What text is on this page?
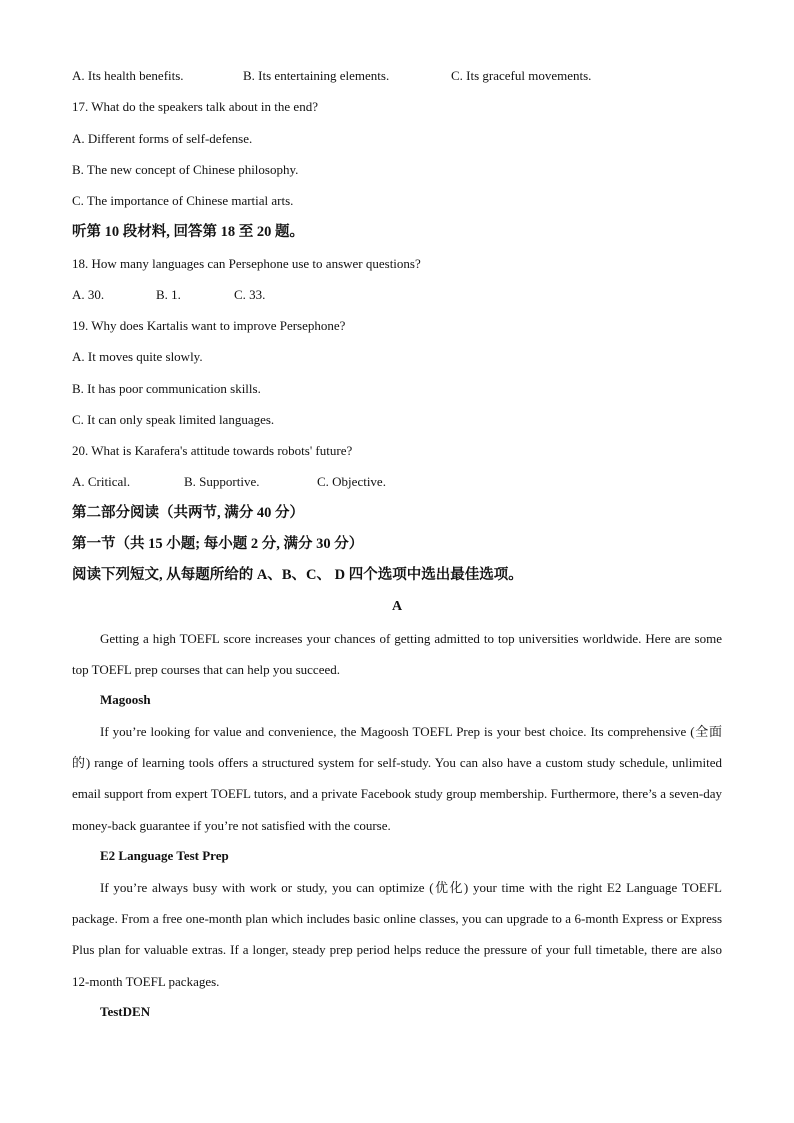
A. Its health benefits.	B. Its entertaining elements.	C. Its graceful movements.
17. What do the speakers talk about in the end?
A. Different forms of self-defense.
B. The new concept of Chinese philosophy.
C. The importance of Chinese martial arts.
听第 10 段材料, 回答第 18 至 20 题。
18. How many languages can Persephone use to answer questions?
A. 30.	B. 1.	C. 33.
19. Why does Kartalis want to improve Persephone?
A. It moves quite slowly.
B. It has poor communication skills.
C. It can only speak limited languages.
20. What is Karafera's attitude towards robots' future?
A. Critical.	B. Supportive.	C. Objective.
第二部分阅读（共两节, 满分 40 分）
第一节（共 15 小题; 每小题 2 分, 满分 30 分）
阅读下列短文, 从每题所给的 A、B、C、 D 四个选项中选出最佳选项。
A
Getting a high TOEFL score increases your chances of getting admitted to top universities worldwide. Here are some top TOEFL prep courses that can help you succeed.
Magoosh
If you’re looking for value and convenience, the Magoosh TOEFL Prep is your best choice. Its comprehensive (全面的) range of learning tools offers a structured system for self-study. You can also have a custom study schedule, unlimited email support from expert TOEFL tutors, and a private Facebook study group membership. Furthermore, there’s a seven-day money-back guarantee if you’re not satisfied with the course.
E2 Language Test Prep
If you’re always busy with work or study, you can optimize (优化) your time with the right E2 Language TOEFL package. From a free one-month plan which includes basic online classes, you can upgrade to a 6-month Express or Express Plus plan for valuable extras. If a longer, steady prep period helps reduce the pressure of your full timetable, there are also 12-month TOEFL packages.
TestDEN
